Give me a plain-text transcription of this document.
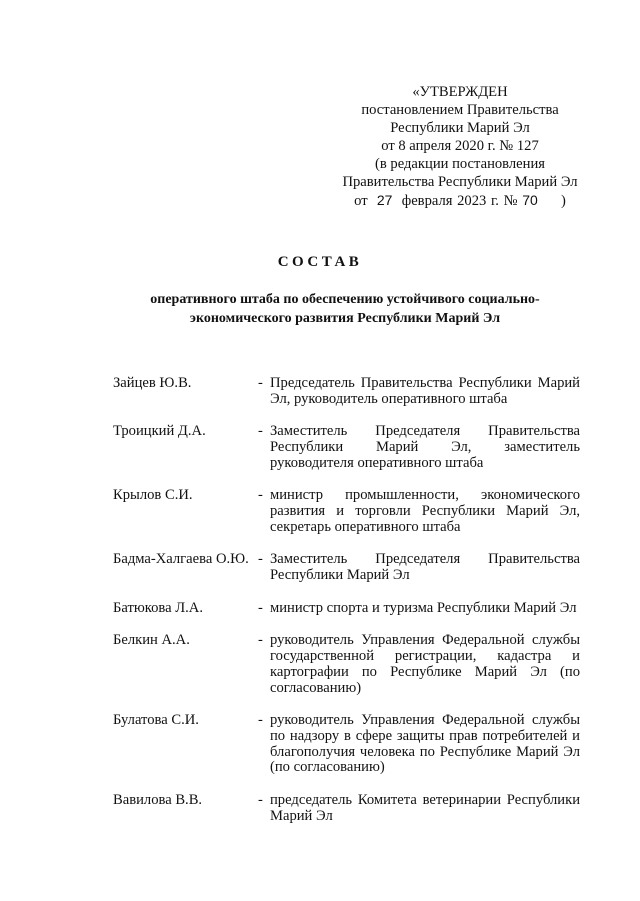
«УТВЕРЖДЕН
постановлением Правительства
Республики Марий Эл
от 8 апреля 2020 г. № 127
(в редакции постановления
Правительства Республики Марий Эл
от 27 февраля 2023 г. № 70 )
СОСТАВ
оперативного штаба по обеспечению устойчивого социально-
экономического развития Республики Марий Эл
Зайцев Ю.В.	- Председатель Правительства Республики Марий Эл, руководитель оперативного штаба
Троицкий Д.А.	- Заместитель Председателя Правительства Республики Марий Эл, заместитель руководителя оперативного штаба
Крылов С.И.	- министр промышленности, экономического развития и торговли Республики Марий Эл, секретарь оперативного штаба
Бадма-Халгаева О.Ю. - Заместитель Председателя Правительства Республики Марий Эл
Батюкова Л.А.	- министр спорта и туризма Республики Марий Эл
Белкин А.А.	- руководитель Управления Федеральной службы государственной регистрации, кадастра и картографии по Республике Марий Эл (по согласованию)
Булатова С.И.	- руководитель Управления Федеральной службы по надзору в сфере защиты прав потребителей и благополучия человека по Республике Марий Эл (по согласованию)
Вавилова В.В.	- председатель Комитета ветеринарии Республики Марий Эл
